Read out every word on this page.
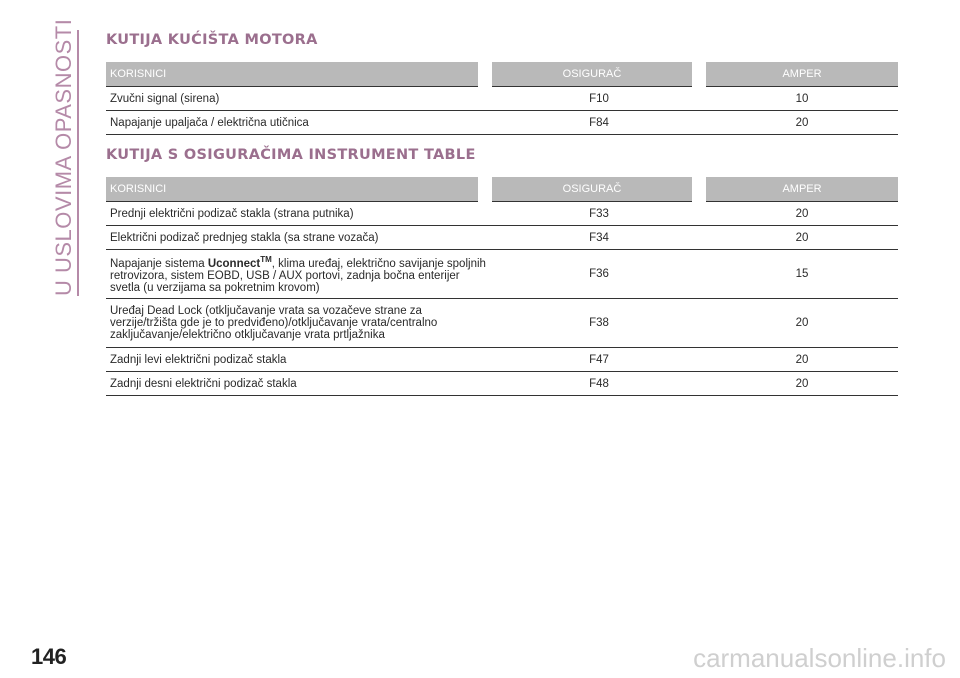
U USLOVIMA OPASNOSTI KUTIJA KUĆIŠTA MOTORA
KORISNICI		OSIGURAČ		AMPER
Zvučni signal (sirena)		F10		10
Napajanje upaljača / električna utičnica		F84		20
KUTIJA S OSIGURAČIMA INSTRUMENT TABLE
KORISNICI		OSIGURAČ		AMPER
Prednji električni podizač stakla (strana putnika)		F33		20
Električni podizač prednjeg stakla (sa strane vozača)		F34		20
Napajanje sistema Uconnect™, klima uređaj, električno savijanje spoljnih retrovizora, sistem EOBD, USB / AUX portovi, zadnja bočna enterijer svetla (u verzijama sa pokretnim krovom)		F36		15
Uređaj Dead Lock (otključavanje vrata sa vozačeve strane za verzije/tržišta gde je to predviđeno)/otključavanje vrata/centralno zaključavanje/električno otključavanje vrata prtljažnika		F38		20
Zadnji levi električni podizač stakla		F47		20
Zadnji desni električni podizač stakla		F48		20
146	carmanualsonline.info
